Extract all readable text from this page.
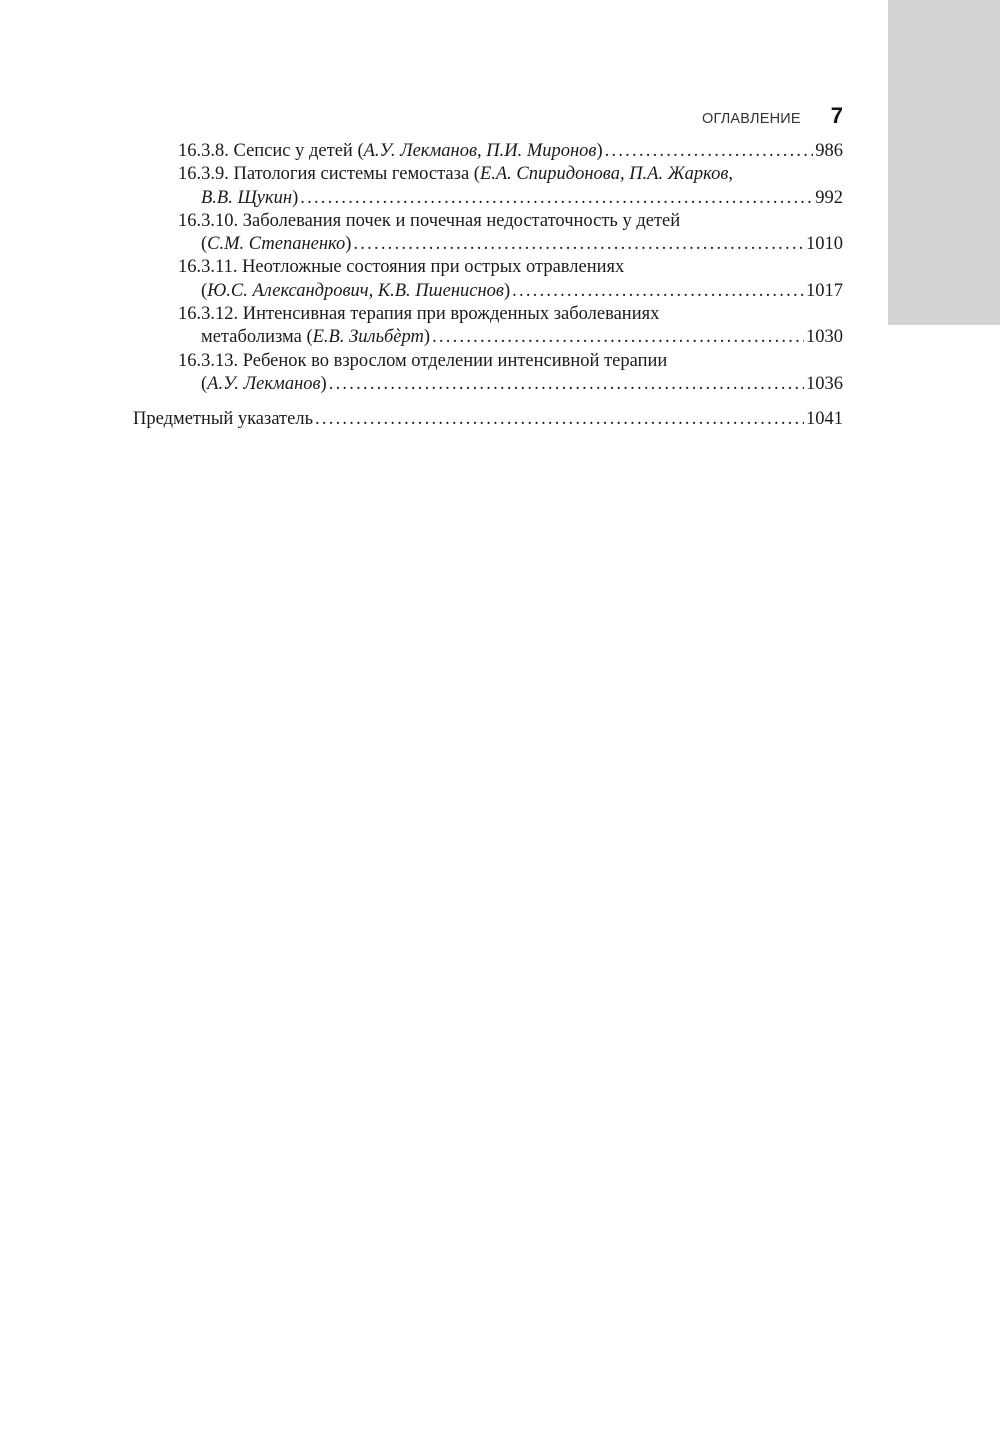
ОГЛАВЛЕНИЕ 7
16.3.8. Сепсис у детей (А.У. Лекманов, П.И. Миронов) . . .	986
16.3.9. Патология системы гемостаза (Е.А. Спиридонова, П.А. Жарков,
В.В. Щукин) . . .	992
16.3.10. Заболевания почек и почечная недостаточность у детей
(С.М. Степаненко) . . .	1010
16.3.11. Неотложные состояния при острых отравлениях
(Ю.С. Александрович, К.В. Пшениснов) . . .	1017
16.3.12. Интенсивная терапия при врожденных заболеваниях
метаболизма (Е.В. Зильбѐрт) . . .	1030
16.3.13. Ребенок во взрослом отделении интенсивной терапии
(А.У. Лекманов) . . .	1036
Предметный указатель . . .	1041
